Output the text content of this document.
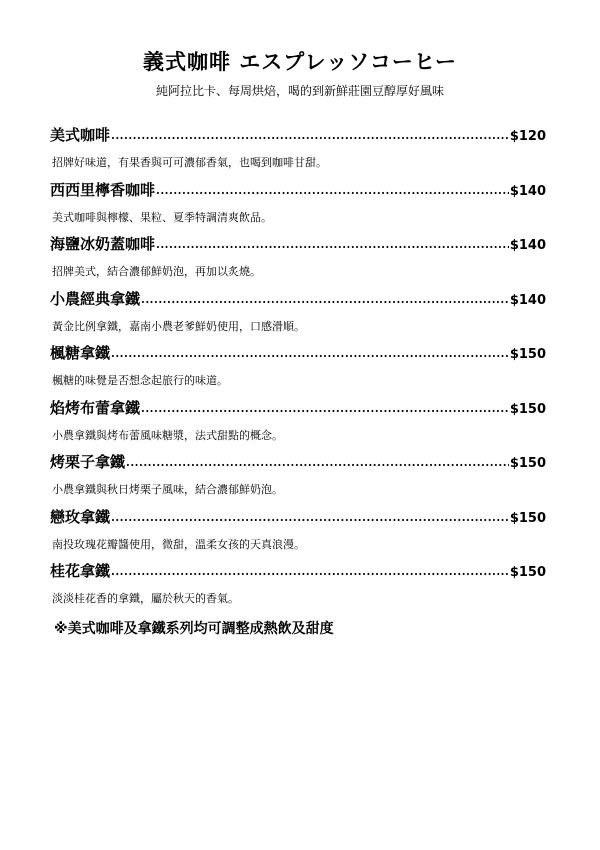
義式咖啡 エスプレッソコーヒー
純阿拉比卡、每周烘焙，喝的到新鮮莊園豆醇厚好風味
美式咖啡 .....	$120
招牌好味道，有果香與可可濃郁香氣，也喝到咖啡甘甜。
西西里檸香咖啡 .....	$140
美式咖啡與檸檬、果粒、夏季特調清爽飲品。
海鹽冰奶蓋咖啡 .....	$140
招牌美式，結合濃郁鮮奶泡，再加以炙燒。
小農經典拿鐵 .....	$140
黃金比例拿鐵，嘉南小農老爹鮮奶使用，口感滑順。
楓糖拿鐵 .....	$150
楓糖的味覺是否想念起旅行的味道。
焰烤布蕾拿鐵 .....	$150
小農拿鐵與烤布蕾風味糖漿，法式甜點的概念。
烤栗子拿鐵 .....	$150
小農拿鐵與秋日烤栗子風味，結合濃郁鮮奶泡。
戀玫拿鐵 .....	$150
南投玫瑰花瓣醬使用，微甜，溫柔女孩的天真浪漫。
桂花拿鐵 .....	$150
淡淡桂花香的拿鐵，屬於秋天的香氣。
※美式咖啡及拿鐵系列均可調整成熱飲及甜度
